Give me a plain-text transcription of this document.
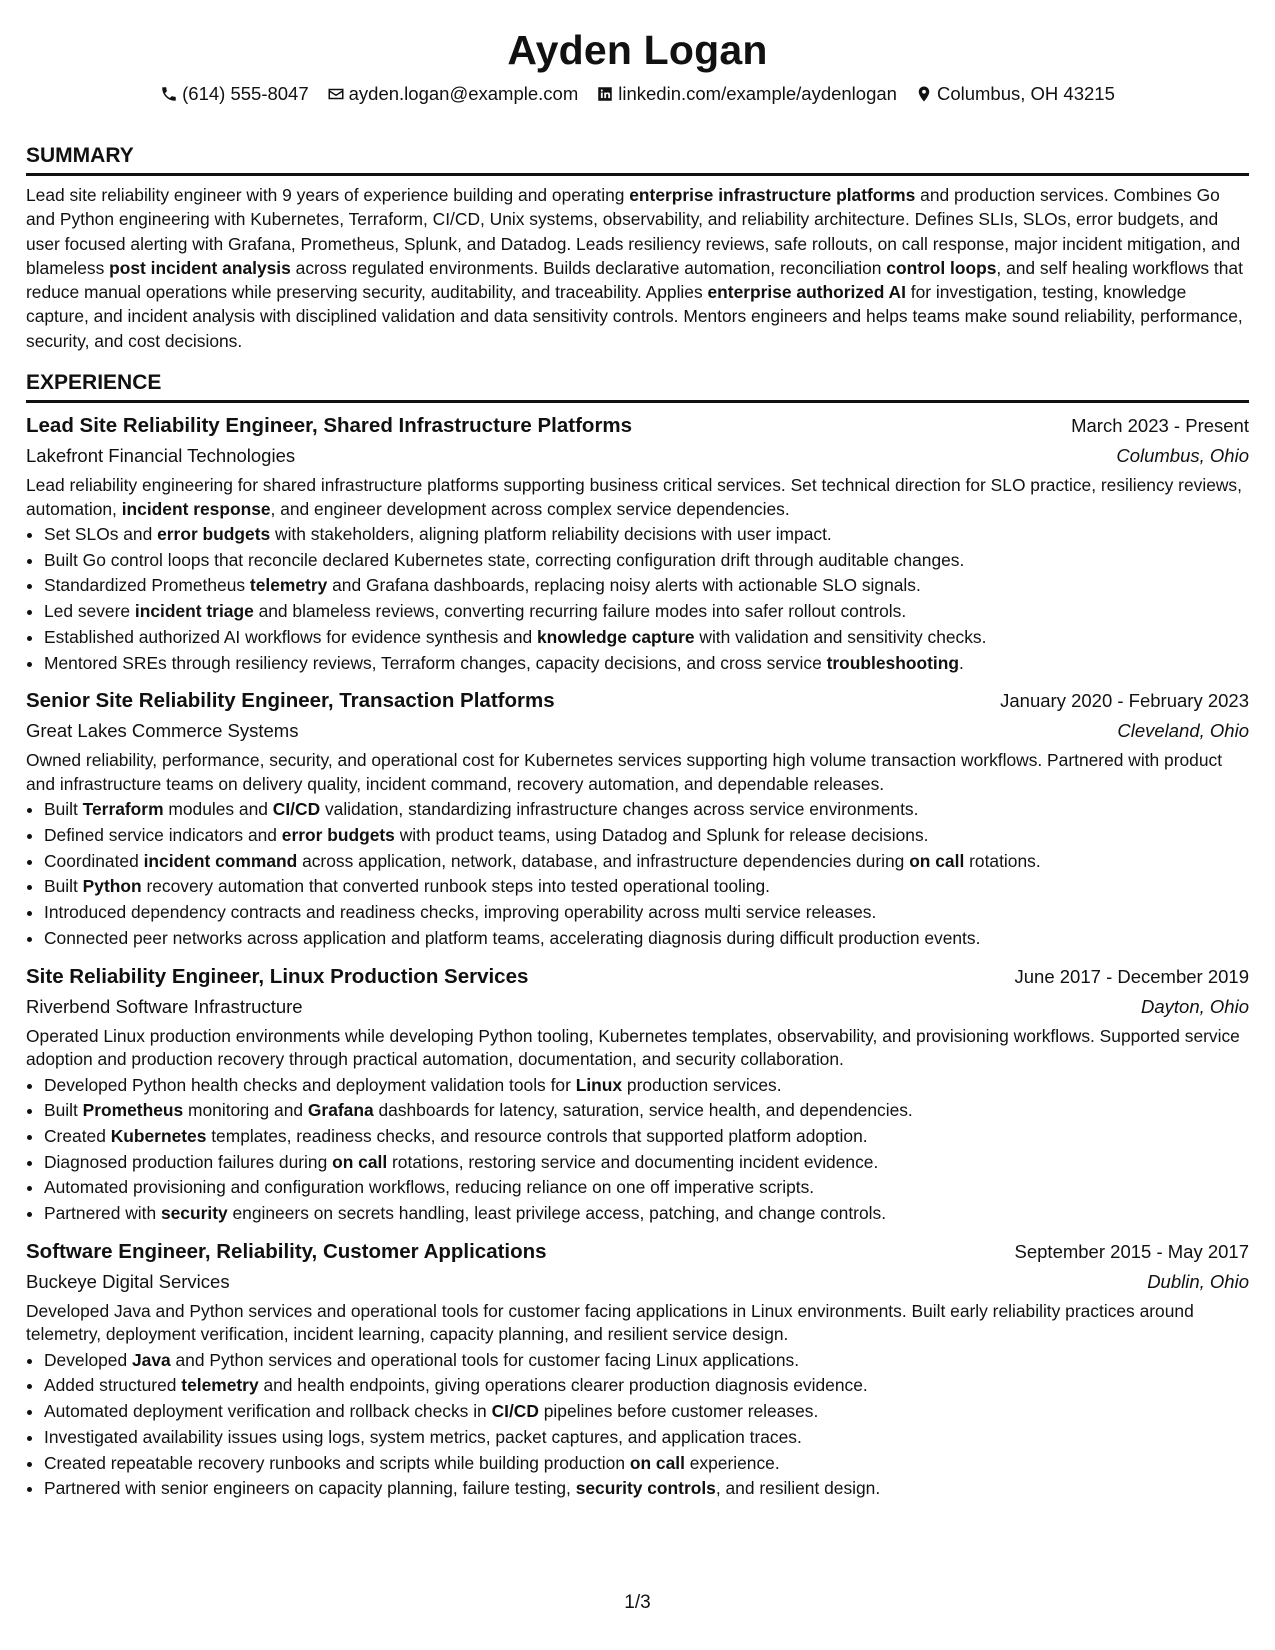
Ayden Logan
(614) 555-8047 ayden.logan@example.com linkedin.com/example/aydenlogan Columbus, OH 43215
SUMMARY
Lead site reliability engineer with 9 years of experience building and operating enterprise infrastructure platforms and production services. Combines Go and Python engineering with Kubernetes, Terraform, CI/CD, Unix systems, observability, and reliability architecture. Defines SLIs, SLOs, error budgets, and user focused alerting with Grafana, Prometheus, Splunk, and Datadog. Leads resiliency reviews, safe rollouts, on call response, major incident mitigation, and blameless post incident analysis across regulated environments. Builds declarative automation, reconciliation control loops, and self healing workflows that reduce manual operations while preserving security, auditability, and traceability. Applies enterprise authorized AI for investigation, testing, knowledge capture, and incident analysis with disciplined validation and data sensitivity controls. Mentors engineers and helps teams make sound reliability, performance, security, and cost decisions.
EXPERIENCE
Lead Site Reliability Engineer, Shared Infrastructure Platforms	March 2023 - Present
Lakefront Financial Technologies	Columbus, Ohio
Lead reliability engineering for shared infrastructure platforms supporting business critical services. Set technical direction for SLO practice, resiliency reviews, automation, incident response, and engineer development across complex service dependencies.
• Set SLOs and error budgets with stakeholders, aligning platform reliability decisions with user impact.
• Built Go control loops that reconcile declared Kubernetes state, correcting configuration drift through auditable changes.
• Standardized Prometheus telemetry and Grafana dashboards, replacing noisy alerts with actionable SLO signals.
• Led severe incident triage and blameless reviews, converting recurring failure modes into safer rollout controls.
• Established authorized AI workflows for evidence synthesis and knowledge capture with validation and sensitivity checks.
• Mentored SREs through resiliency reviews, Terraform changes, capacity decisions, and cross service troubleshooting.
Senior Site Reliability Engineer, Transaction Platforms	January 2020 - February 2023
Great Lakes Commerce Systems	Cleveland, Ohio
Owned reliability, performance, security, and operational cost for Kubernetes services supporting high volume transaction workflows. Partnered with product and infrastructure teams on delivery quality, incident command, recovery automation, and dependable releases.
• Built Terraform modules and CI/CD validation, standardizing infrastructure changes across service environments.
• Defined service indicators and error budgets with product teams, using Datadog and Splunk for release decisions.
• Coordinated incident command across application, network, database, and infrastructure dependencies during on call rotations.
• Built Python recovery automation that converted runbook steps into tested operational tooling.
• Introduced dependency contracts and readiness checks, improving operability across multi service releases.
• Connected peer networks across application and platform teams, accelerating diagnosis during difficult production events.
Site Reliability Engineer, Linux Production Services	June 2017 - December 2019
Riverbend Software Infrastructure	Dayton, Ohio
Operated Linux production environments while developing Python tooling, Kubernetes templates, observability, and provisioning workflows. Supported service adoption and production recovery through practical automation, documentation, and security collaboration.
• Developed Python health checks and deployment validation tools for Linux production services.
• Built Prometheus monitoring and Grafana dashboards for latency, saturation, service health, and dependencies.
• Created Kubernetes templates, readiness checks, and resource controls that supported platform adoption.
• Diagnosed production failures during on call rotations, restoring service and documenting incident evidence.
• Automated provisioning and configuration workflows, reducing reliance on one off imperative scripts.
• Partnered with security engineers on secrets handling, least privilege access, patching, and change controls.
Software Engineer, Reliability, Customer Applications	September 2015 - May 2017
Buckeye Digital Services	Dublin, Ohio
Developed Java and Python services and operational tools for customer facing applications in Linux environments. Built early reliability practices around telemetry, deployment verification, incident learning, capacity planning, and resilient service design.
• Developed Java and Python services and operational tools for customer facing Linux applications.
• Added structured telemetry and health endpoints, giving operations clearer production diagnosis evidence.
• Automated deployment verification and rollback checks in CI/CD pipelines before customer releases.
• Investigated availability issues using logs, system metrics, packet captures, and application traces.
• Created repeatable recovery runbooks and scripts while building production on call experience.
• Partnered with senior engineers on capacity planning, failure testing, security controls, and resilient design.
1/3
